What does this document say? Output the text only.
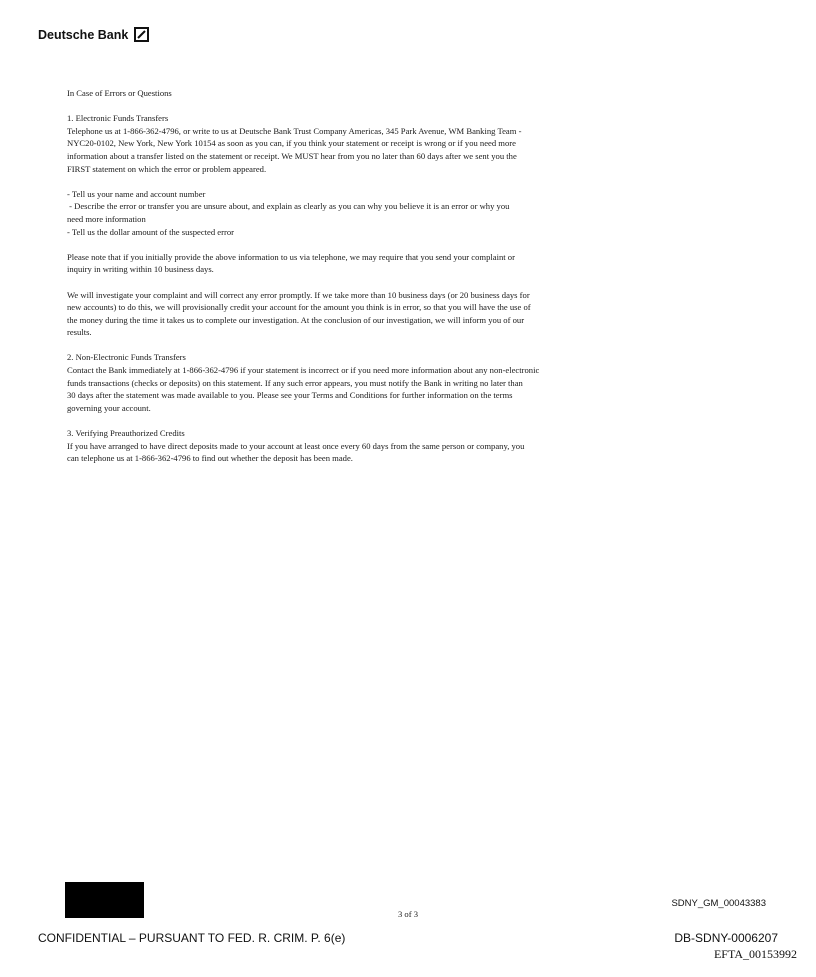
Deutsche Bank

In Case of Errors or Questions

1. Electronic Funds Transfers
Telephone us at 1-866-362-4796, or write to us at Deutsche Bank Trust Company Americas, 345 Park Avenue, WM Banking Team -
NYC20-0102, New York, New York 10154 as soon as you can, if you think your statement or receipt is wrong or if you need more
information about a transfer listed on the statement or receipt. We MUST hear from you no later than 60 days after we sent you the
FIRST statement on which the error or problem appeared.

- Tell us your name and account number
- Describe the error or transfer you are unsure about, and explain as clearly as you can why you believe it is an error or why you
need more information
- Tell us the dollar amount of the suspected error

Please note that if you initially provide the above information to us via telephone, we may require that you send your complaint or
inquiry in writing within 10 business days.

We will investigate your complaint and will correct any error promptly. If we take more than 10 business days (or 20 business days for
new accounts) to do this, we will provisionally credit your account for the amount you think is in error, so that you will have the use of
the money during the time it takes us to complete our investigation. At the conclusion of our investigation, we will inform you of our
results.

2. Non-Electronic Funds Transfers
Contact the Bank immediately at 1-866-362-4796 if your statement is incorrect or if you need more information about any non-electronic
funds transactions (checks or deposits) on this statement. If any such error appears, you must notify the Bank in writing no later than
30 days after the statement was made available to you. Please see your Terms and Conditions for further information on the terms
governing your account.

3. Verifying Preauthorized Credits
If you have arranged to have direct deposits made to your account at least once every 60 days from the same person or company, you
can telephone us at 1-866-362-4796 to find out whether the deposit has been made.

3 of 3
SDNY_GM_00043383
CONFIDENTIAL – PURSUANT TO FED. R. CRIM. P. 6(e)	DB-SDNY-0006207
EFTA_00153992
